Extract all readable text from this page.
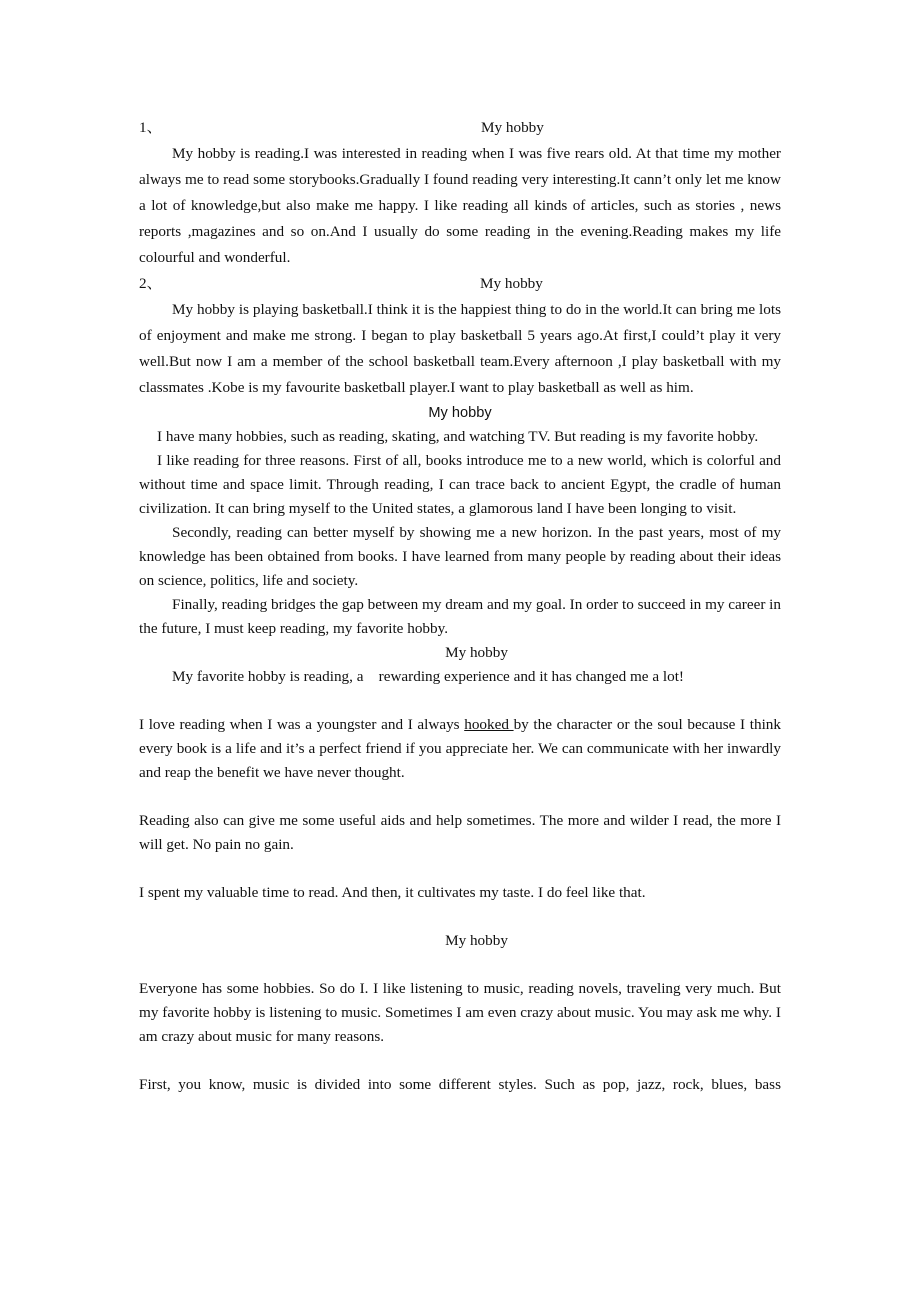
1、	My hobby

My hobby is reading.I was interested in reading when I was five rears old. At that time my mother always me to read some storybooks.Gradually I found reading very interesting.It cann’t only let me know a lot of knowledge,but also make me happy. I like reading all kinds of articles, such as stories , news reports ,magazines and so on.And I usually do some reading in the evening.Reading makes my life colourful and wonderful.

2、	My hobby

My hobby is playing basketball.I think it is the happiest thing to do in the world.It can bring me lots of enjoyment and make me strong. I began to play basketball 5 years ago.At first,I could’t play it very well.But now I am a member of the school basketball team.Every afternoon ,I play basketball with my classmates .Kobe is my favourite basketball player.I want to play basketball as well as him.

My hobby

I have many hobbies, such as reading, skating, and watching TV. But reading is my favorite hobby.

I like reading for three reasons. First of all, books introduce me to a new world, which is colorful and without time and space limit. Through reading, I can trace back to ancient Egypt, the cradle of human civilization. It can bring myself to the United states, a glamorous land I have been longing to visit.

Secondly, reading can better myself by showing me a new horizon. In the past years, most of my knowledge has been obtained from books. I have learned from many people by reading about their ideas on science, politics, life and society.

Finally, reading bridges the gap between my dream and my goal. In order to succeed in my career in the future, I must keep reading, my favorite hobby.

My hobby

My favorite hobby is reading, a    rewarding experience and it has changed me a lot!

I love reading when I was a youngster and I always hooked by the character or the soul because I think every book is a life and it’s a perfect friend if you appreciate her. We can communicate with her inwardly and reap the benefit we have never thought.

Reading also can give me some useful aids and help sometimes. The more and wilder I read, the more I will get. No pain no gain.

I spent my valuable time to read. And then, it cultivates my taste. I do feel like that.

My hobby

Everyone has some hobbies. So do I. I like listening to music, reading novels, traveling very much. But my favorite hobby is listening to music. Sometimes I am even crazy about music. You may ask me why. I am crazy about music for many reasons.

First, you know, music is divided into some different styles. Such as pop, jazz, rock, blues, bass
